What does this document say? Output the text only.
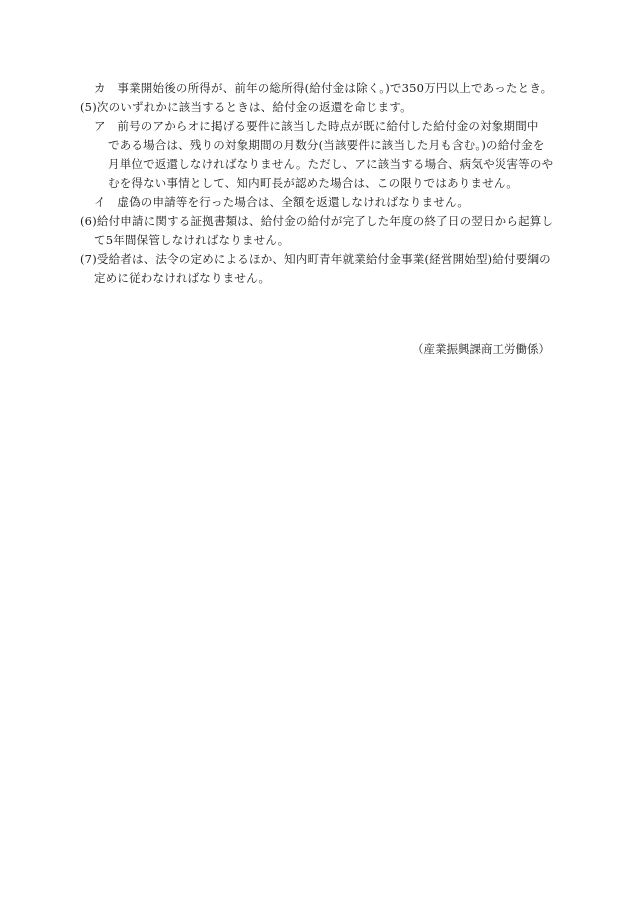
カ　事業開始後の所得が、前年の総所得(給付金は除く。)で350万円以上であったとき。
(5)次のいずれかに該当するときは、給付金の返還を命じます。
ア　前号のアからオに掲げる要件に該当した時点が既に給付した給付金の対象期間中
である場合は、残りの対象期間の月数分(当該要件に該当した月も含む。)の給付金を
月単位で返還しなければなりません。ただし、アに該当する場合、病気や災害等のや
むを得ない事情として、知内町長が認めた場合は、この限りではありません。
イ　虚偽の申請等を行った場合は、全額を返還しなければなりません。
(6)給付申請に関する証拠書類は、給付金の給付が完了した年度の終了日の翌日から起算し
て5年間保管しなければなりません。
(7)受給者は、法令の定めによるほか、知内町青年就業給付金事業(経営開始型)給付要綱の
定めに従わなければなりません。
（産業振興課商工労働係）
